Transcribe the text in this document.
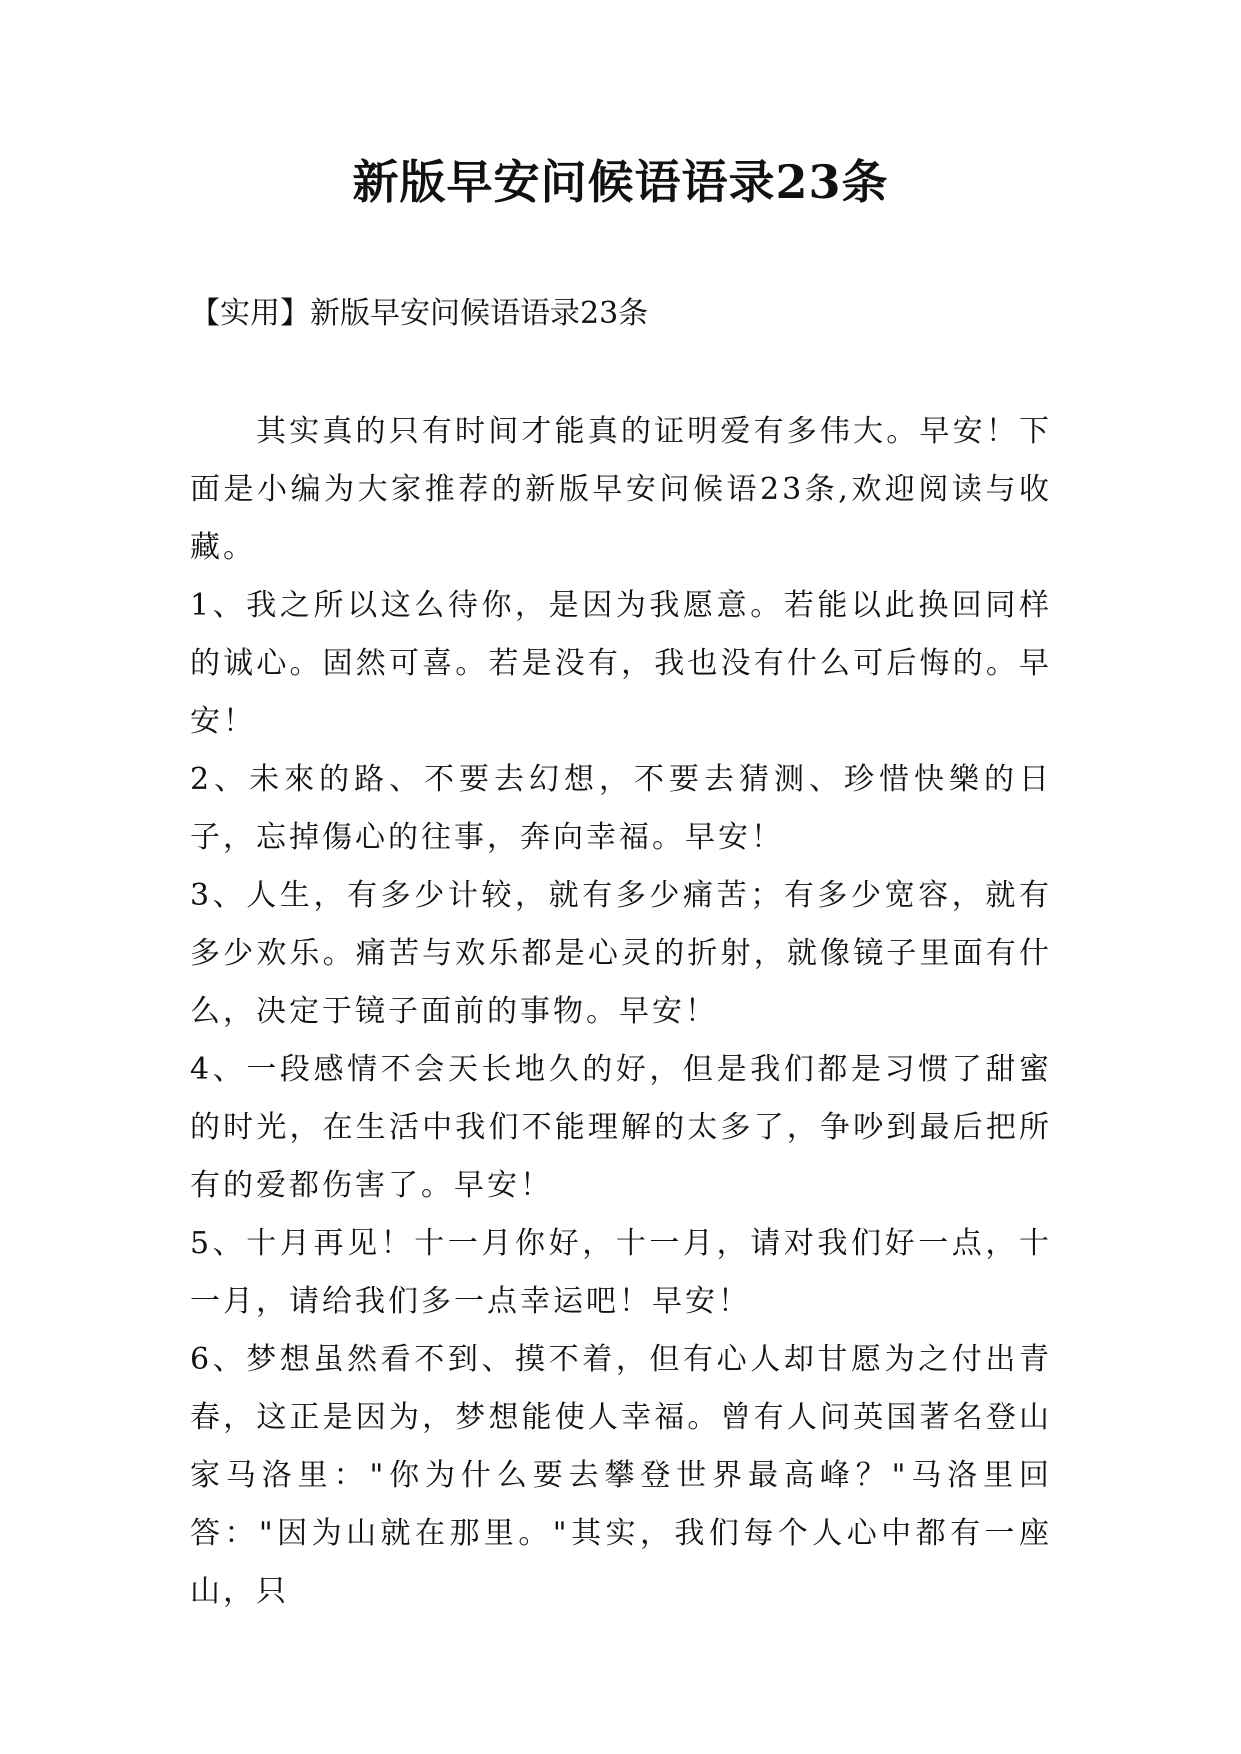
新版早安问候语语录23条
【实用】新版早安问候语语录23条

其实真的只有时间才能真的证明爱有多伟大。早安！下面是小编为大家推荐的新版早安问候语23条,欢迎阅读与收藏。

1、我之所以这么待你，是因为我愿意。若能以此换回同样的诚心。固然可喜。若是没有，我也没有什么可后悔的。早安！

2、未來的路、不要去幻想，不要去猜测、珍惜快樂的日子，忘掉傷心的往事，奔向幸福。早安！

3、人生，有多少计较，就有多少痛苦；有多少宽容，就有多少欢乐。痛苦与欢乐都是心灵的折射，就像镜子里面有什么，决定于镜子面前的事物。早安！

4、一段感情不会天长地久的好，但是我们都是习惯了甜蜜的时光，在生活中我们不能理解的太多了，争吵到最后把所有的爱都伤害了。早安！

5、十月再见！十一月你好，十一月，请对我们好一点，十一月，请给我们多一点幸运吧！早安！

6、梦想虽然看不到、摸不着，但有心人却甘愿为之付出青春，这正是因为，梦想能使人幸福。曾有人问英国著名登山家马洛里："你为什么要去攀登世界最高峰？"马洛里回答："因为山就在那里。"其实，我们每个人心中都有一座山，只
